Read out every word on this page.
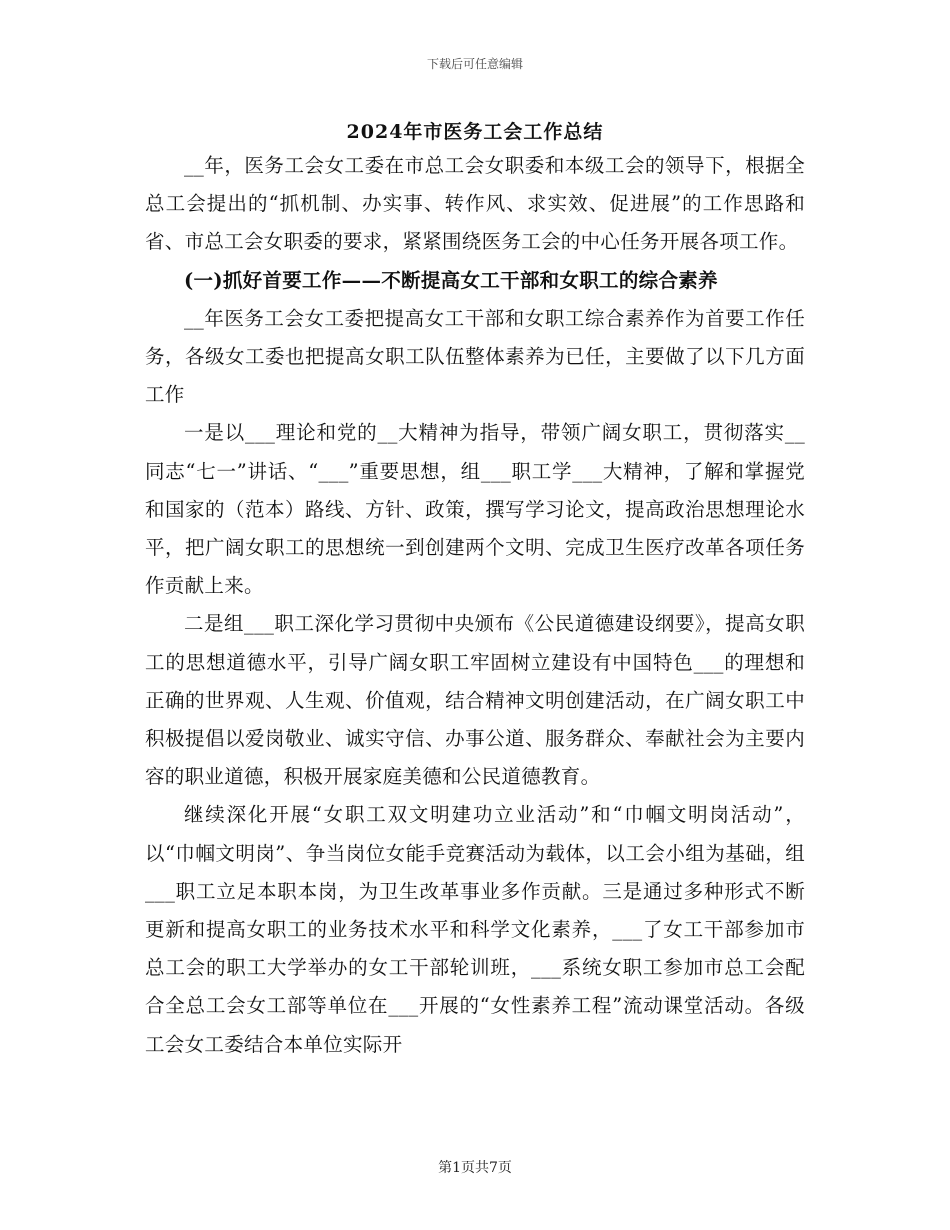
下载后可任意编辑
2024年市医务工会工作总结

__年，医务工会女工委在市总工会女职委和本级工会的领导下，根据全总工会提出的“抓机制、办实事、转作风、求实效、促进展”的工作思路和省、市总工会女职委的要求，紧紧围绕医务工会的中心任务开展各项工作。

(一)抓好首要工作——不断提高女工干部和女职工的综合素养

__年医务工会女工委把提高女工干部和女职工综合素养作为首要工作任务，各级女工委也把提高女职工队伍整体素养为已任，主要做了以下几方面工作

一是以___理论和党的__大精神为指导，带领广阔女职工，贯彻落实__同志“七一”讲话、“___”重要思想，组___职工学___大精神，了解和掌握党和国家的（范本）路线、方针、政策，撰写学习论文，提高政治思想理论水平，把广阔女职工的思想统一到创建两个文明、完成卫生医疗改革各项任务作贡献上来。

二是组___职工深化学习贯彻中央颁布《公民道德建设纲要》，提高女职工的思想道德水平，引导广阔女职工牢固树立建设有中国特色___的理想和正确的世界观、人生观、价值观，结合精神文明创建活动，在广阔女职工中积极提倡以爱岗敬业、诚实守信、办事公道、服务群众、奉献社会为主要内容的职业道德，积极开展家庭美德和公民道德教育。

继续深化开展“女职工双文明建功立业活动”和“巾帼文明岗活动”，以“巾帼文明岗”、争当岗位女能手竞赛活动为载体，以工会小组为基础，组___职工立足本职本岗，为卫生改革事业多作贡献。三是通过多种形式不断更新和提高女职工的业务技术水平和科学文化素养，___了女工干部参加市总工会的职工大学举办的女工干部轮训班，___系统女职工参加市总工会配合全总工会女工部等单位在___开展的“女性素养工程”流动课堂活动。各级工会女工委结合本单位实际开

第1页共7页
